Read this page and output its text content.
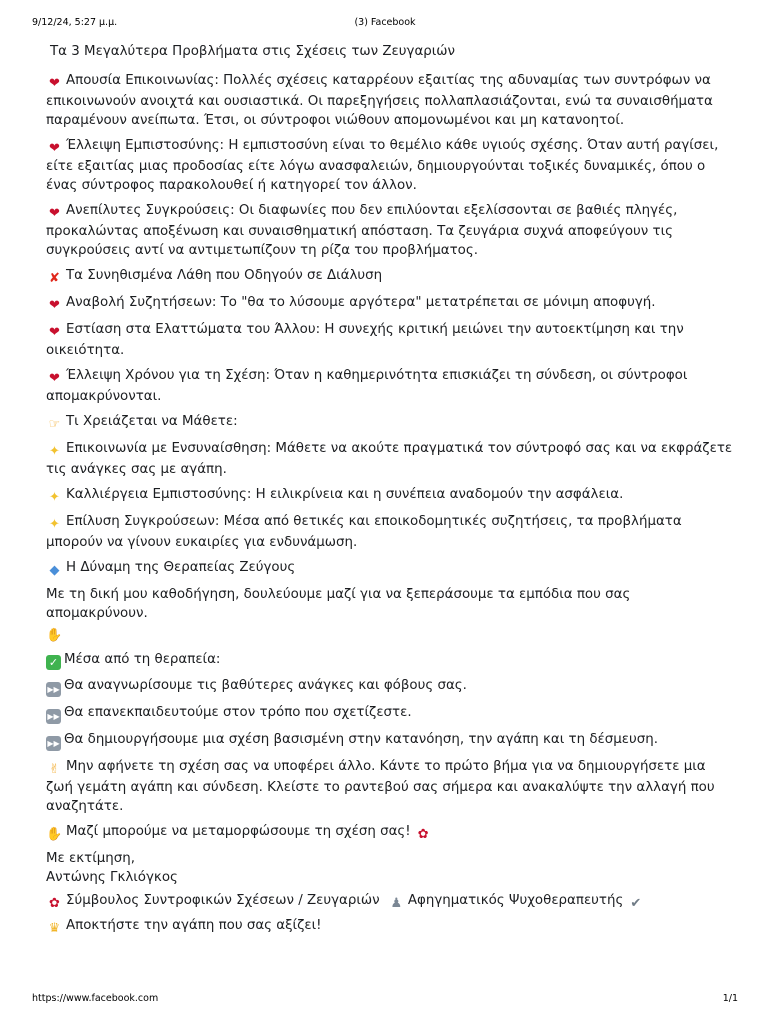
9/12/24, 5:27 μ.μ.	(3) Facebook

Τα 3 Μεγαλύτερα Προβλήματα στις Σχέσεις των Ζευγαριών

❤ Απουσία Επικοινωνίας: Πολλές σχέσεις καταρρέουν εξαιτίας της αδυναμίας των συντρόφων να επικοινωνούν ανοιχτά και ουσιαστικά. Οι παρεξηγήσεις πολλαπλασιάζονται, ενώ τα συναισθήματα παραμένουν ανείπωτα. Έτσι, οι σύντροφοι νιώθουν απομονωμένοι και μη κατανοητοί.

❤ Έλλειψη Εμπιστοσύνης: Η εμπιστοσύνη είναι το θεμέλιο κάθε υγιούς σχέσης. Όταν αυτή ραγίσει, είτε εξαιτίας μιας προδοσίας είτε λόγω ανασφαλειών, δημιουργούνται τοξικές δυναμικές, όπου ο ένας σύντροφος παρακολουθεί ή κατηγορεί τον άλλον.

❤ Ανεπίλυτες Συγκρούσεις: Οι διαφωνίες που δεν επιλύονται εξελίσσονται σε βαθιές πληγές, προκαλώντας αποξένωση και συναισθηματική απόσταση. Τα ζευγάρια συχνά αποφεύγουν τις συγκρούσεις αντί να αντιμετωπίζουν τη ρίζα του προβλήματος.

✘ Τα Συνηθισμένα Λάθη που Οδηγούν σε Διάλυση

❤ Αναβολή Συζητήσεων: Το "θα το λύσουμε αργότερα" μετατρέπεται σε μόνιμη αποφυγή.

❤ Εστίαση στα Ελαττώματα του Άλλου: Η συνεχής κριτική μειώνει την αυτοεκτίμηση και την οικειότητα.

❤ Έλλειψη Χρόνου για τη Σχέση: Όταν η καθημερινότητα επισκιάζει τη σύνδεση, οι σύντροφοι απομακρύνονται.

☞ Τι Χρειάζεται να Μάθετε:

✦ Επικοινωνία με Ενσυναίσθηση: Μάθετε να ακούτε πραγματικά τον σύντροφό σας και να εκφράζετε τις ανάγκες σας με αγάπη.

✦ Καλλιέργεια Εμπιστοσύνης: Η ειλικρίνεια και η συνέπεια αναδομούν την ασφάλεια.

✦ Επίλυση Συγκρούσεων: Μέσα από θετικές και εποικοδομητικές συζητήσεις, τα προβλήματα μπορούν να γίνουν ευκαιρίες για ενδυνάμωση.

◆ Η Δύναμη της Θεραπείας Ζεύγους

Με τη δική μου καθοδήγηση, δουλεύουμε μαζί για να ξεπεράσουμε τα εμπόδια που σας απομακρύνουν.
✋

✓ Μέσα από τη θεραπεία:

▶▶ Θα αναγνωρίσουμε τις βαθύτερες ανάγκες και φόβους σας.

▶▶ Θα επανεκπαιδευτούμε στον τρόπο που σχετίζεστε.

▶▶ Θα δημιουργήσουμε μια σχέση βασισμένη στην κατανόηση, την αγάπη και τη δέσμευση.

✌ Μην αφήνετε τη σχέση σας να υποφέρει άλλο. Κάντε το πρώτο βήμα για να δημιουργήσετε μια ζωή γεμάτη αγάπη και σύνδεση. Κλείστε το ραντεβού σας σήμερα και ανακαλύψτε την αλλαγή που αναζητάτε.

✋ Μαζί μπορούμε να μεταμορφώσουμε τη σχέση σας! ✿

Με εκτίμηση,
Αντώνης Γκλιόγκος

✿ Σύμβουλος Συντροφικών Σχέσεων / Ζευγαριών ♟ Αφηγηματικός Ψυχοθεραπευτής ✔

♛ Αποκτήστε την αγάπη που σας αξίζει!

https://www.facebook.com	1/1
